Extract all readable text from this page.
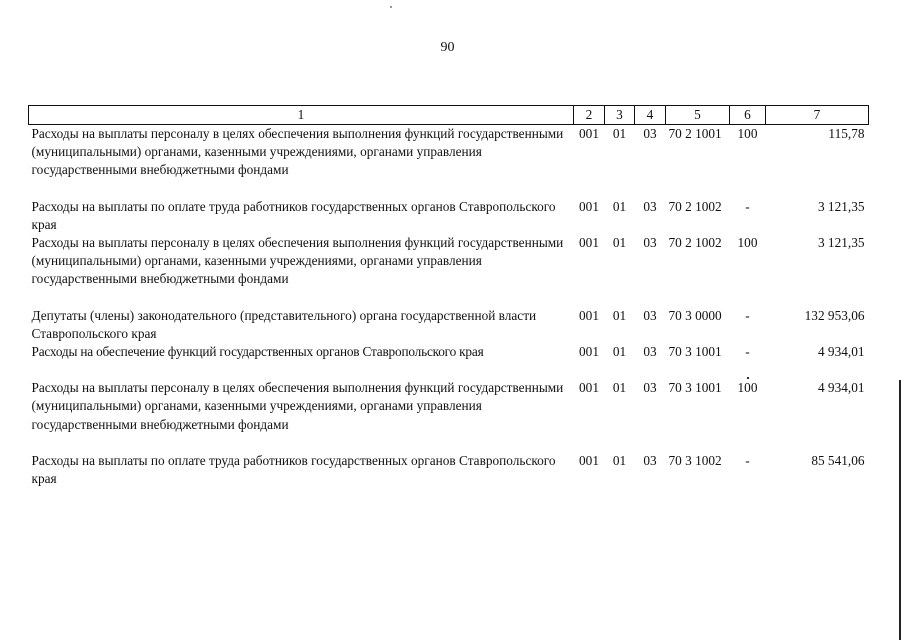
90
1	2	3	4	5	6	7
Расходы на выплаты персоналу в целях обеспечения выполнения функций государственными (муниципальными) органами, казенными учреждениями, органами управления государственными внебюджетными фондами	001	01	03	70 2 1001	100	115,78

Расходы на выплаты по оплате труда работников государственных органов Ставропольского края	001	01	03	70 2 1002	-	3 121,35
Расходы на выплаты персоналу в целях обеспечения выполнения функций государственными (муниципальными) органами, казенными учреждениями, органами управления государственными внебюджетными фондами	001	01	03	70 2 1002	100	3 121,35

Депутаты (члены) законодательного (представительного) органа государственной власти Ставропольского края	001	01	03	70 3 0000	-	132 953,06
Расходы на обеспечение функций государственных органов Ставропольского края	001	01	03	70 3 1001	-	4 934,01

Расходы на выплаты персоналу в целях обеспечения выполнения функций государственными (муниципальными) органами, казенными учреждениями, органами управления государственными внебюджетными фондами	001	01	03	70 3 1001	100	4 934,01

Расходы на выплаты по оплате труда работников государственных органов Ставропольского края	001	01	03	70 3 1002	-	85 541,06
